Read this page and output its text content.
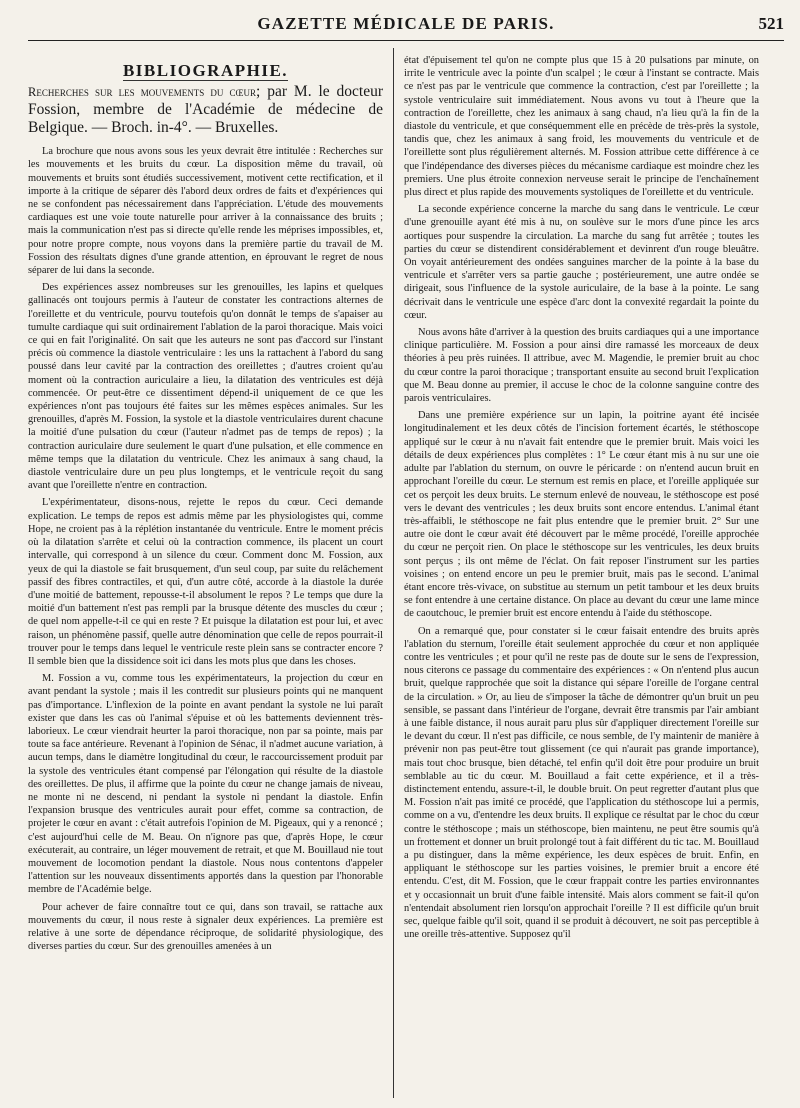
GAZETTE MÉDICALE DE PARIS.	521
BIBLIOGRAPHIE.
Recherches sur les mouvements du cœur; par M. le docteur Fossion, membre de l'Académie de médecine de Belgique. — Broch. in-4°. — Bruxelles.

La brochure que nous avons sous les yeux devrait être intitulée : Recherches sur les mouvements et les bruits du cœur. La disposition même du travail, où mouvements et bruits sont étudiés successivement, motivent cette rectification, et il importe à la critique de séparer dès l'abord deux ordres de faits et d'expériences qui ne se confondent pas nécessairement dans l'appréciation. L'étude des mouvements cardiaques est une voie toute naturelle pour arriver à la connaissance des bruits ; mais la communication n'est pas si directe qu'elle rende les méprises impossibles, et, pour notre propre compte, nous voyons dans la première partie du travail de M. Fossion des résultats dignes d'une grande attention, en éprouvant le regret de nous séparer de lui dans la seconde.

Des expériences assez nombreuses sur les grenouilles, les lapins et quelques gallinacés ont toujours permis à l'auteur de constater les contractions alternes de l'oreillette et du ventricule, pourvu toutefois qu'on donnât le temps de s'apaiser au tumulte cardiaque qui suit ordinairement l'ablation de la paroi thoracique. Mais voici ce qui en fait l'originalité. On sait que les auteurs ne sont pas d'accord sur l'instant précis où commence la diastole ventriculaire : les uns la rattachent à l'abord du sang poussé dans leur cavité par la contraction des oreillettes ; d'autres croient qu'au moment où la contraction auriculaire a lieu, la dilatation des ventricules est déjà commencée. Or peut-être ce dissentiment dépend-il uniquement de ce que les expériences n'ont pas toujours été faites sur les mêmes espèces animales. Sur les grenouilles, d'après M. Fossion, la systole et la diastole ventriculaires durent chacune la moitié d'une pulsation du cœur (l'auteur n'admet pas de temps de repos) ; la contraction auriculaire dure seulement le quart d'une pulsation, et elle commence en même temps que la dilatation du ventricule. Chez les animaux à sang chaud, la diastole ventriculaire dure un peu plus longtemps, et le ventricule reçoit du sang avant que l'oreillette n'entre en contraction.

L'expérimentateur, disons-nous, rejette le repos du cœur. Ceci demande explication. Le temps de repos est admis même par les physiologistes qui, comme Hope, ne croient pas à la réplétion instantanée du ventricule. Entre le moment précis où la dilatation s'arrête et celui où la contraction commence, ils placent un court intervalle, qui correspond à un silence du cœur. Comment donc M. Fossion, aux yeux de qui la diastole se fait brusquement, d'un seul coup, par suite du relâchement passif des fibres contractiles, et qui, d'un autre côté, accorde à la diastole la durée d'une moitié de battement, repousse-t-il absolument le repos ? Le temps que dure la moitié d'un battement n'est pas rempli par la brusque détente des muscles du cœur ; de quel nom appelle-t-il ce qui en reste ? Et puisque la dilatation est pour lui, et avec raison, un phénomène passif, quelle autre dénomination que celle de repos pourrait-il trouver pour le temps dans lequel le ventricule reste plein sans se contracter encore ? Il semble bien que la dissidence soit ici dans les mots plus que dans les choses.

M. Fossion a vu, comme tous les expérimentateurs, la projection du cœur en avant pendant la systole ; mais il les contredit sur plusieurs points qui ne manquent pas d'importance. L'inflexion de la pointe en avant pendant la systole ne lui paraît exister que dans les cas où l'animal s'épuise et où les battements deviennent très-laborieux. Le cœur viendrait heurter la paroi thoracique, non par sa pointe, mais par toute sa face antérieure. Revenant à l'opinion de Sénac, il n'admet aucune variation, à aucun temps, dans le diamètre longitudinal du cœur, le raccourcissement produit par la systole des ventricules étant compensé par l'élongation qui résulte de la diastole des oreillettes. De plus, il affirme que la pointe du cœur ne change jamais de niveau, ne monte ni ne descend, ni pendant la systole ni pendant la diastole. Enfin l'expansion brusque des ventricules aurait pour effet, comme sa contraction, de projeter le cœur en avant : c'était autrefois l'opinion de M. Pigeaux, qui y a renoncé ; c'est aujourd'hui celle de M. Beau. On n'ignore pas que, d'après Hope, le cœur exécuterait, au contraire, un léger mouvement de retrait, et que M. Bouillaud nie tout mouvement de locomotion pendant la diastole. Nous nous contentons d'appeler l'attention sur les nouveaux dissentiments apportés dans la question par l'honorable membre de l'Académie belge.

Pour achever de faire connaître tout ce qui, dans son travail, se rattache aux mouvements du cœur, il nous reste à signaler deux expériences. La première est relative à une sorte de dépendance réciproque, de solidarité physiologique, des diverses parties du cœur. Sur des grenouilles amenées à un

état d'épuisement tel qu'on ne compte plus que 15 à 20 pulsations par minute, on irrite le ventricule avec la pointe d'un scalpel ; le cœur à l'instant se contracte. Mais ce n'est pas par le ventricule que commence la contraction, c'est par l'oreillette ; la systole ventriculaire suit immédiatement. Nous avons vu tout à l'heure que la contraction de l'oreillette, chez les animaux à sang chaud, n'a lieu qu'à la fin de la diastole du ventricule, et que conséquemment elle en précède de très-près la systole, tandis que, chez les animaux à sang froid, les mouvements du ventricule et de l'oreillette sont plus régulièrement alternés. M. Fossion attribue cette différence à ce que l'indépendance des diverses pièces du mécanisme cardiaque est moindre chez les premiers. Une plus étroite connexion nerveuse serait le principe de l'enchaînement plus direct et plus rapide des mouvements systoliques de l'oreillette et du ventricule.

La seconde expérience concerne la marche du sang dans le ventricule. Le cœur d'une grenouille ayant été mis à nu, on soulève sur le mors d'une pince les arcs aortiques pour suspendre la circulation. La marche du sang fut arrêtée ; toutes les parties du cœur se distendirent considérablement et devinrent d'un rouge bleuâtre. On voyait antérieurement des ondées sanguines marcher de la pointe à la base du ventricule et s'arrêter vers sa partie gauche ; postérieurement, une autre ondée se dirigeait, sous l'influence de la systole auriculaire, de la base à la pointe. Le sang décrivait dans le ventricule une espèce d'arc dont la convexité regardait la pointe du cœur.

Nous avons hâte d'arriver à la question des bruits cardiaques qui a une importance clinique particulière. M. Fossion a pour ainsi dire ramassé les morceaux de deux théories à peu près ruinées. Il attribue, avec M. Magendie, le premier bruit au choc du cœur contre la paroi thoracique ; transportant ensuite au second bruit l'explication que M. Beau donne au premier, il accuse le choc de la colonne sanguine contre des parois ventriculaires.

Dans une première expérience sur un lapin, la poitrine ayant été incisée longitudinalement et les deux côtés de l'incision fortement écartés, le stéthoscope appliqué sur le cœur à nu n'avait fait entendre que le premier bruit. Mais voici les détails de deux expériences plus complètes : 1° Le cœur étant mis à nu sur une oie adulte par l'ablation du sternum, on ouvre le péricarde : on n'entend aucun bruit en approchant l'oreille du cœur. Le sternum est remis en place, et l'oreille appliquée sur cet os perçoit les deux bruits. Le sternum enlevé de nouveau, le stéthoscope est posé vers le devant des ventricules ; les deux bruits sont encore entendus. L'animal étant très-affaibli, le stéthoscope ne fait plus entendre que le premier bruit. 2° Sur une autre oie dont le cœur avait été découvert par le même procédé, l'oreille approchée du cœur ne perçoit rien. On place le stéthoscope sur les ventricules, les deux bruits sont perçus ; ils ont même de l'éclat. On fait reposer l'instrument sur les parties voisines ; on entend encore un peu le premier bruit, mais pas le second. L'animal étant encore très-vivace, on substitue au sternum un petit tambour et les deux bruits se font entendre à une certaine distance. On place au devant du cœur une lame mince de caoutchouc, le premier bruit est encore entendu à l'aide du stéthoscope.

On a remarqué que, pour constater si le cœur faisait entendre des bruits après l'ablation du sternum, l'oreille était seulement approchée du cœur et non appliquée contre les ventricules ; et pour qu'il ne reste pas de doute sur le sens de l'expression, nous citerons ce passage du commentaire des expériences : « On n'entend plus aucun bruit, quelque rapprochée que soit la distance qui sépare l'oreille de l'organe central de la circulation. » Or, au lieu de s'imposer la tâche de démontrer qu'un bruit un peu sensible, se passant dans l'intérieur de l'organe, devrait être transmis par l'air ambiant à une faible distance, il nous aurait paru plus sûr d'appliquer directement l'oreille sur le devant du cœur. Il n'est pas difficile, ce nous semble, de l'y maintenir de manière à prévenir non pas peut-être tout glissement (ce qui n'aurait pas grande importance), mais tout choc brusque, bien détaché, tel enfin qu'il doit être pour produire un bruit semblable au tic du cœur. M. Bouillaud a fait cette expérience, et il a très-distinctement entendu, assure-t-il, le double bruit. On peut regretter d'autant plus que M. Fossion n'ait pas imité ce procédé, que l'application du stéthoscope lui a permis, comme on a vu, d'entendre les deux bruits. Il explique ce résultat par le choc du cœur contre le stéthoscope ; mais un stéthoscope, bien maintenu, ne peut être soumis qu'à un frottement et donner un bruit prolongé tout à fait différent du tic tac. M. Bouillaud a pu distinguer, dans la même expérience, les deux espèces de bruit. Enfin, en appliquant le stéthoscope sur les parties voisines, le premier bruit a encore été entendu. C'est, dit M. Fossion, que le cœur frappait contre les parties environnantes et y occasionnait un bruit d'une faible intensité. Mais alors comment se fait-il qu'on n'entendait absolument rien lorsqu'on approchait l'oreille ? Il est difficile qu'un bruit sec, quelque faible qu'il soit, quand il se produit à découvert, ne soit pas perceptible à une oreille très-attentive. Supposez qu'il
